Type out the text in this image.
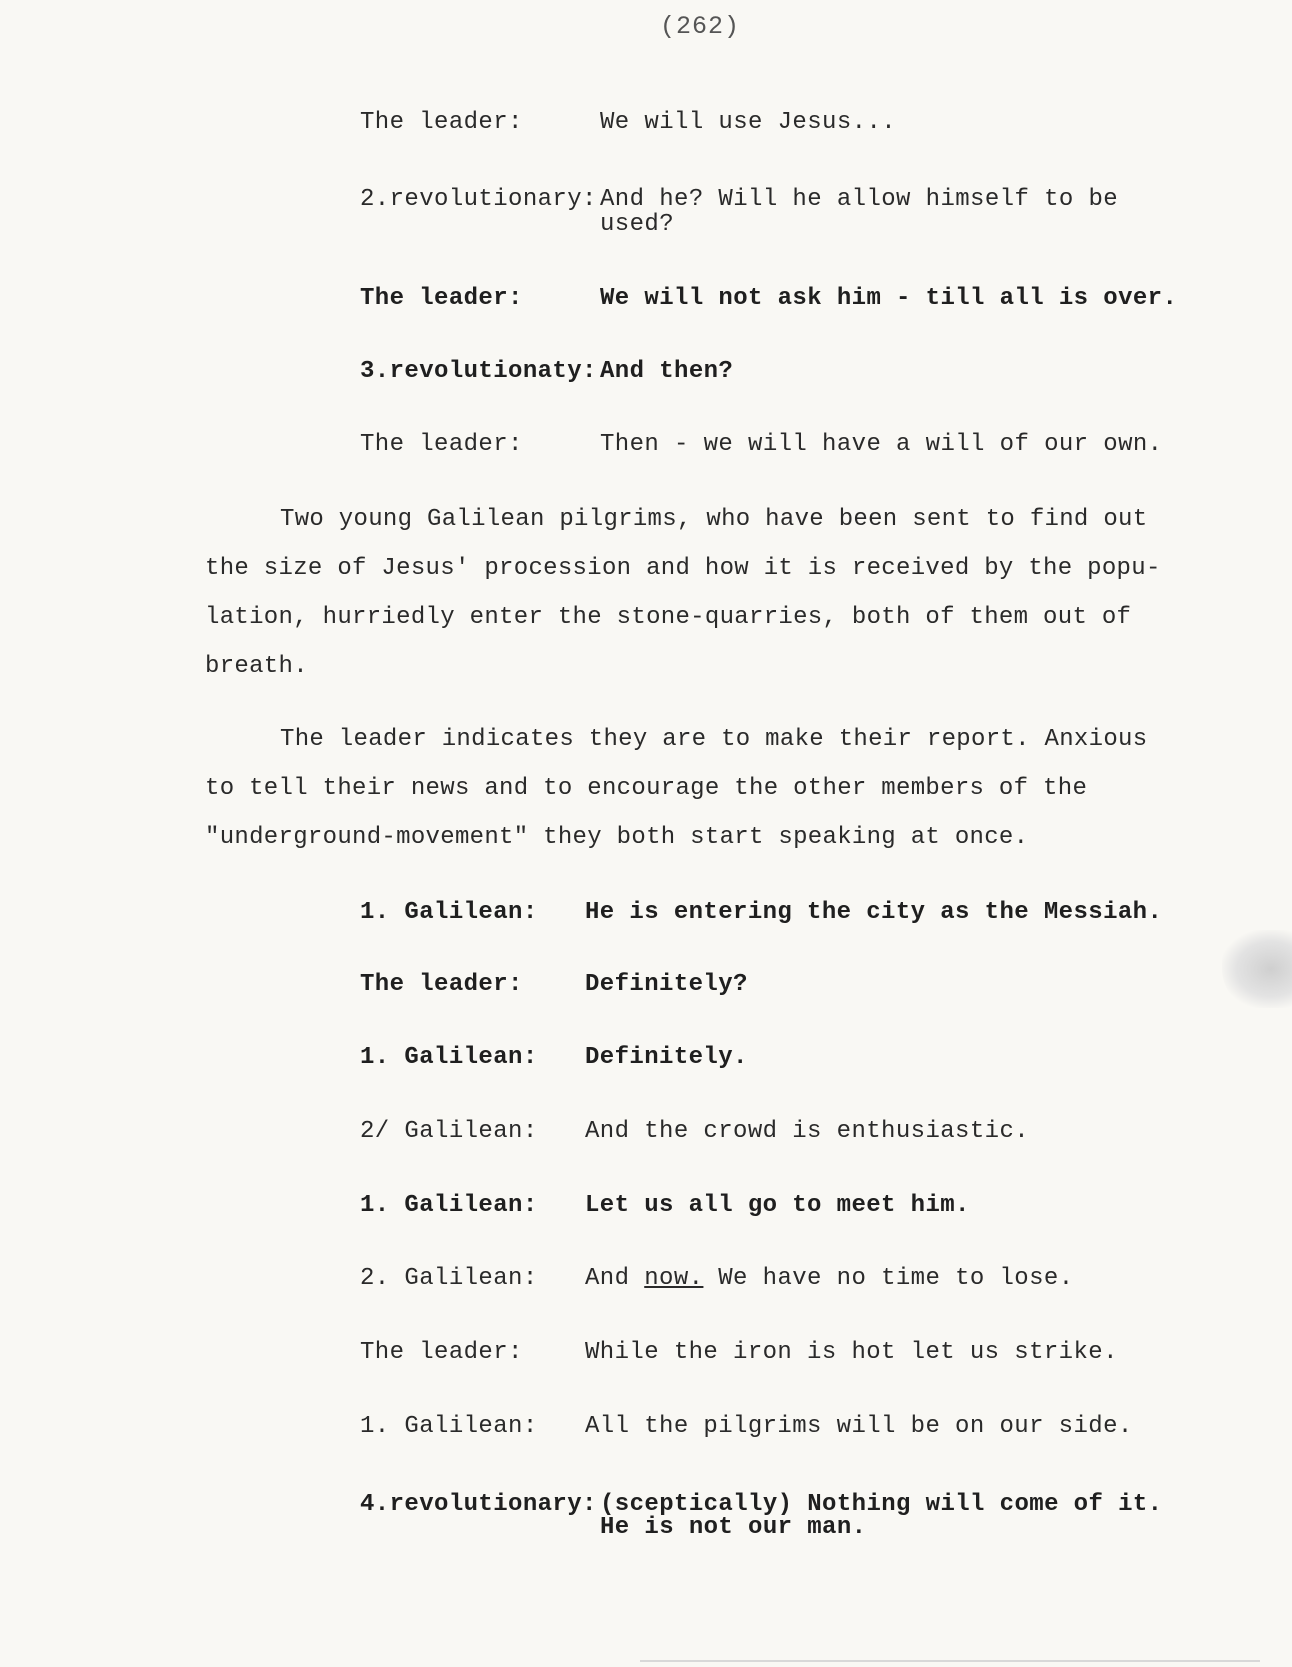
(262)
The leader:	We will use Jesus...
2.revolutionary: And he? Will he allow himself to be
used?
The leader:	We will not ask him - till all is over.
3.revolutionaty: And then?
The leader:	Then - we will have a will of our own.
Two young Galilean pilgrims, who have been sent to find out
the size of Jesus' procession and how it is received by the popu-
lation, hurriedly enter the stone-quarries, both of them out of
breath.
The leader indicates they are to make their report. Anxious
to tell their news and to encourage the other members of the
"underground-movement" they both start speaking at once.
1. Galilean: He is entering the city as the Messiah.
The leader:	Definitely?
1. Galilean: Definitely.
2/ Galilean: And the crowd is enthusiastic.
1. Galilean: Let us all go to meet him.
2. Galilean: And now. We have no time to lose.
The leader:	While the iron is hot let us strike.
1. Galilean: All the pilgrims will be on our side.
4.revolutionary: (sceptically) Nothing will come of it.
He is not our man.
